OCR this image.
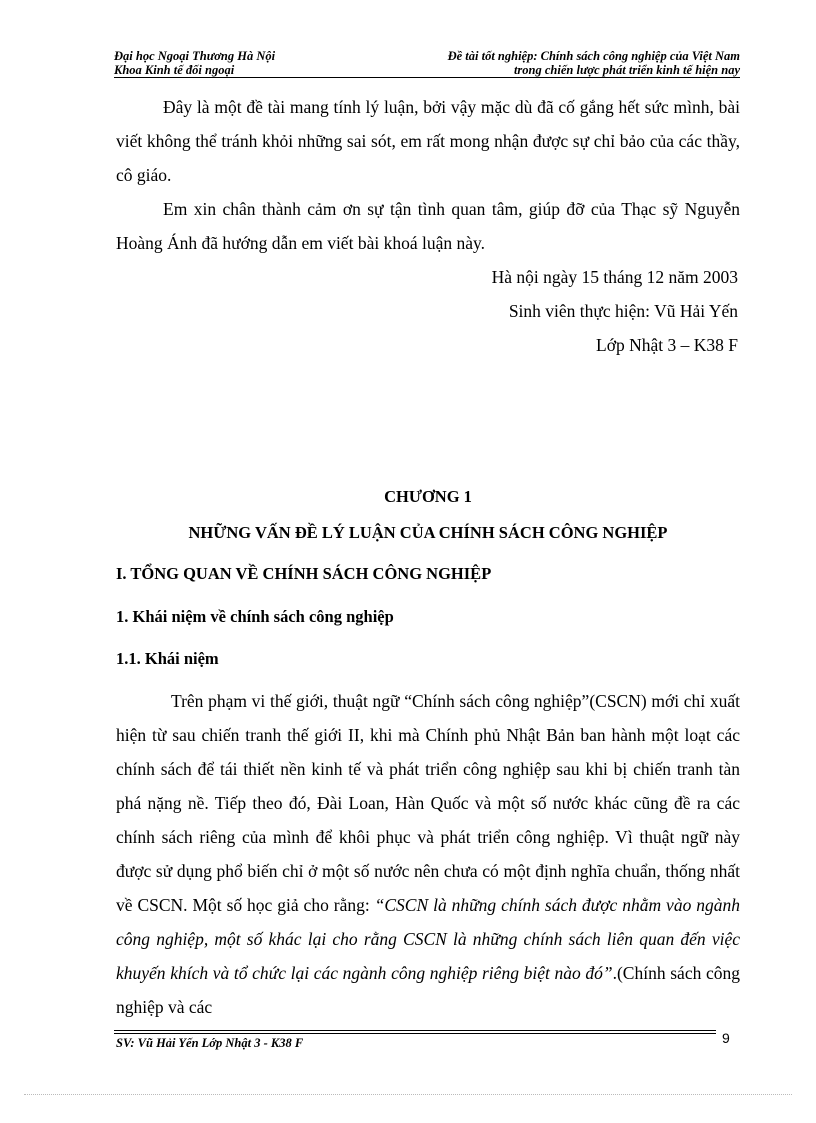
Đại học Ngoại Thương Hà Nội
Khoa Kinh tế đối ngoại
Đề tài tốt nghiệp: Chính sách công nghiệp của Việt Nam
trong chiến lược phát triển kinh tế hiện nay

Đây là một đề tài mang tính lý luận, bởi vậy mặc dù đã cố gắng hết sức mình, bài viết không thể tránh khỏi những sai sót, em rất mong nhận được sự chỉ bảo của các thầy, cô giáo.

Em xin chân thành cảm ơn sự tận tình quan tâm, giúp đỡ của Thạc sỹ Nguyễn Hoàng Ánh đã hướng dẫn em viết bài khoá luận này.

Hà nội ngày 15 tháng 12 năm 2003

Sinh viên thực hiện: Vũ Hải Yến

Lớp Nhật 3 – K38 F

CHƯƠNG 1

NHỮNG VẤN ĐỀ LÝ LUẬN CỦA CHÍNH SÁCH CÔNG NGHIỆP

I. TỔNG QUAN VỀ CHÍNH SÁCH CÔNG NGHIỆP

1. Khái niệm về chính sách công nghiệp

1.1. Khái niệm

Trên phạm vi thế giới, thuật ngữ “Chính sách công nghiệp”(CSCN) mới chỉ xuất hiện từ sau chiến tranh thế giới II, khi mà Chính phủ Nhật Bản ban hành một loạt các chính sách để tái thiết nền kinh tế và phát triển công nghiệp sau khi bị chiến tranh tàn phá nặng nề. Tiếp theo đó, Đài Loan, Hàn Quốc và một số nước khác cũng đề ra các chính sách riêng của mình để khôi phục và phát triển công nghiệp. Vì thuật ngữ này được sử dụng phổ biến chỉ ở một số nước nên chưa có một định nghĩa chuẩn, thống nhất về CSCN. Một số học giả cho rằng: “CSCN là những chính sách được nhằm vào ngành công nghiệp, một số khác lại cho rằng CSCN là những chính sách liên quan đến việc khuyến khích và tổ chức lại các ngành công nghiệp riêng biệt nào đó”.(Chính sách công nghiệp và các

SV: Vũ Hải Yến Lớp Nhật 3 - K38 F	9
